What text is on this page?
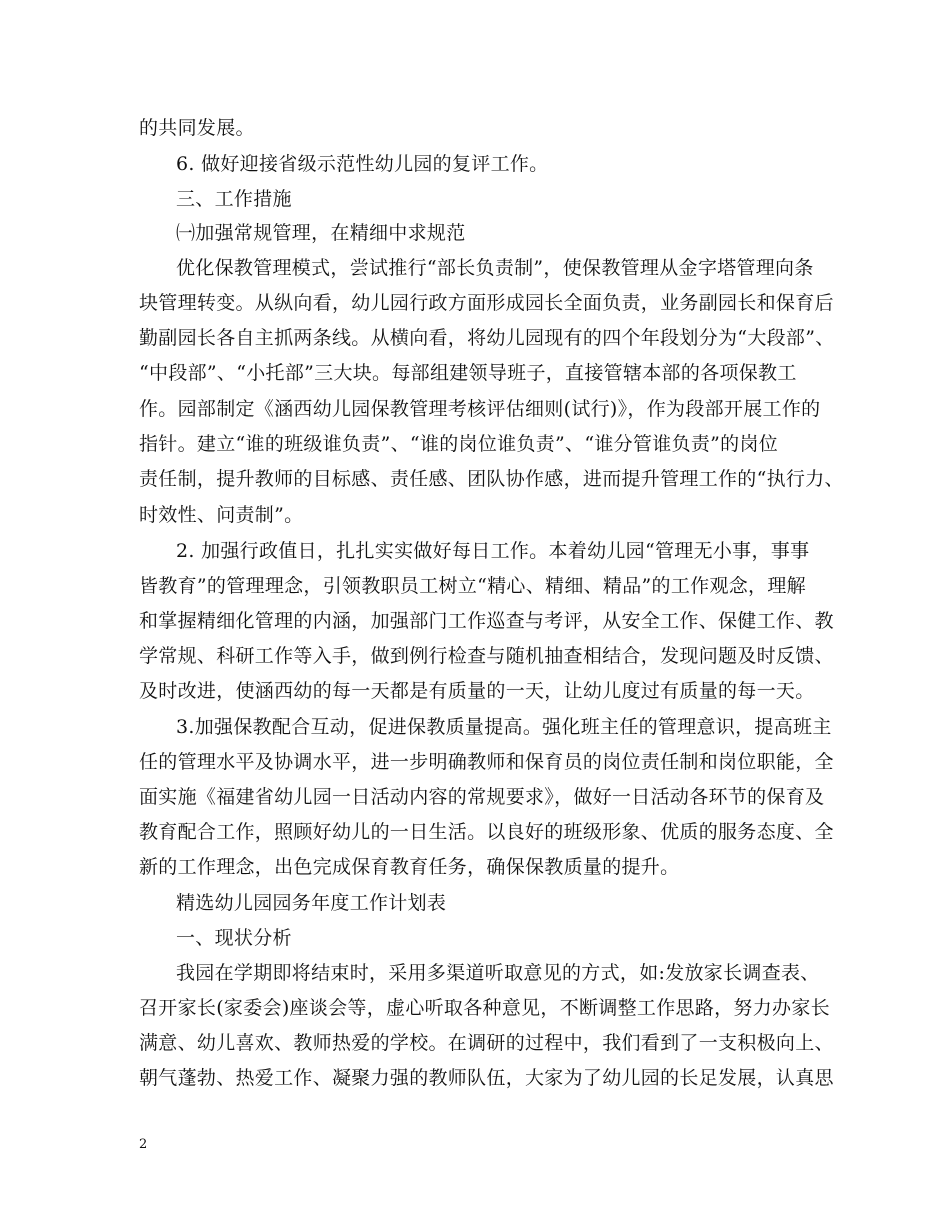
的共同发展。
6. 做好迎接省级示范性幼儿园的复评工作。
三、工作措施
㈠加强常规管理，在精细中求规范
优化保教管理模式，尝试推行“部长负责制”，使保教管理从金字塔管理向条
块管理转变。从纵向看，幼儿园行政方面形成园长全面负责，业务副园长和保育后
勤副园长各自主抓两条线。从横向看，将幼儿园现有的四个年段划分为“大段部”、
“中段部”、“小托部”三大块。每部组建领导班子，直接管辖本部的各项保教工
作。园部制定《涵西幼儿园保教管理考核评估细则(试行)》，作为段部开展工作的
指针。建立“谁的班级谁负责”、“谁的岗位谁负责”、“谁分管谁负责”的岗位
责任制，提升教师的目标感、责任感、团队协作感，进而提升管理工作的“执行力、
时效性、问责制”。
2. 加强行政值日，扎扎实实做好每日工作。本着幼儿园“管理无小事，事事
皆教育”的管理理念，引领教职员工树立“精心、精细、精品”的工作观念，理解
和掌握精细化管理的内涵，加强部门工作巡查与考评，从安全工作、保健工作、教
学常规、科研工作等入手，做到例行检查与随机抽查相结合，发现问题及时反馈、
及时改进，使涵西幼的每一天都是有质量的一天，让幼儿度过有质量的每一天。
3.加强保教配合互动，促进保教质量提高。强化班主任的管理意识，提高班主
任的管理水平及协调水平，进一步明确教师和保育员的岗位责任制和岗位职能，全
面实施《福建省幼儿园一日活动内容的常规要求》，做好一日活动各环节的保育及
教育配合工作，照顾好幼儿的一日生活。以良好的班级形象、优质的服务态度、全
新的工作理念，出色完成保育教育任务，确保保教质量的提升。
精选幼儿园园务年度工作计划表
一、现状分析
我园在学期即将结束时，采用多渠道听取意见的方式，如:发放家长调查表、
召开家长(家委会)座谈会等，虚心听取各种意见，不断调整工作思路，努力办家长
满意、幼儿喜欢、教师热爱的学校。在调研的过程中，我们看到了一支积极向上、
朝气蓬勃、热爱工作、凝聚力强的教师队伍，大家为了幼儿园的长足发展，认真思
2
